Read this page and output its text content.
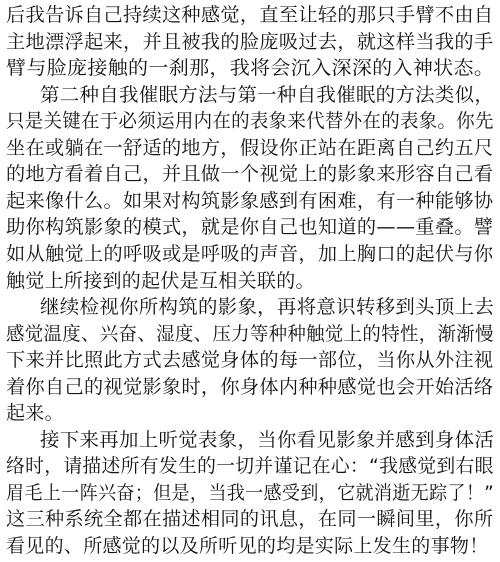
后我告诉自己持续这种感觉，直至让轻的那只手臂不由自
主地漂浮起来，并且被我的脸庞吸过去，就这样当我的手
臂与脸庞接触的一刹那，我将会沉入深深的入神状态。
第二种自我催眠方法与第一种自我催眠的方法类似，
只是关键在于必须运用内在的表象来代替外在的表象。你先
坐在或躺在一舒适的地方，假设你正站在距离自己约五尺
的地方看着自己，并且做一个视觉上的影象来形容自己看
起来像什么。如果对构筑影象感到有困难，有一种能够协
助你构筑影象的模式，就是你自己也知道的——重叠。譬
如从触觉上的呼吸或是呼吸的声音，加上胸口的起伏与你
触觉上所接到的起伏是互相关联的。
继续检视你所构筑的影象，再将意识转移到头顶上去
感觉温度、兴奋、湿度、压力等种种触觉上的特性，渐渐慢
下来并比照此方式去感觉身体的每一部位，当你从外注视
着你自己的视觉影象时，你身体内种种感觉也会开始活络
起来。
接下来再加上听觉表象，当你看见影象并感到身体活
络时，请描述所有发生的一切并谨记在心：“我感觉到右眼
眉毛上一阵兴奋；但是，当我一感受到，它就消逝无踪了！”
这三种系统全都在描述相同的讯息，在同一瞬间里，你所
看见的、所感觉的以及所听见的均是实际上发生的事物！
